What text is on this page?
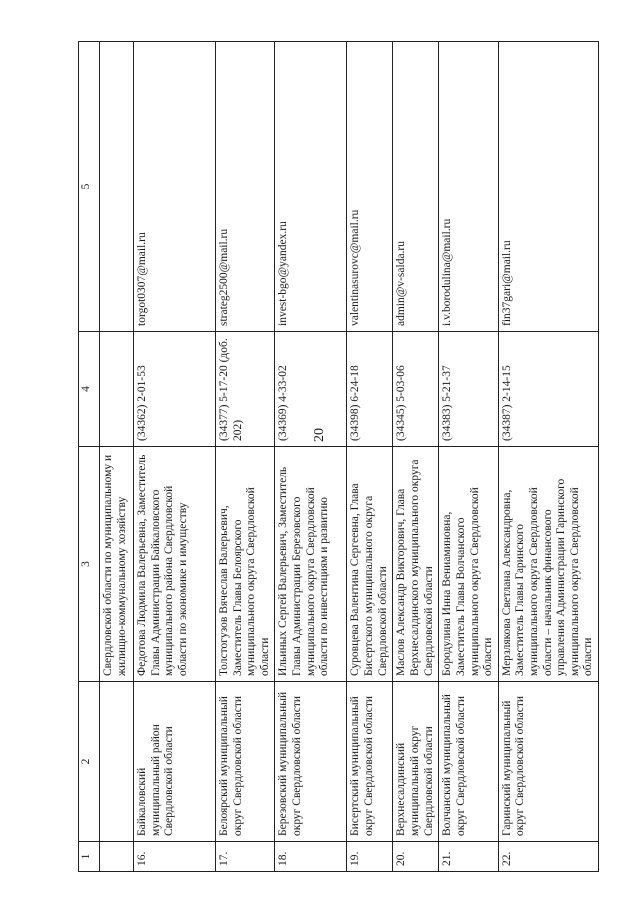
20
1	2	3	4	5
		Свердловской области по муниципальному и жилищно-коммунальному хозяйству		
16.	Байкаловский муниципальный район Свердловской области	Федотова Людмила Валерьевна, Заместитель Главы Администрации Байкаловского муниципального района Свердловской области по экономике и имуществу	(34362) 2-01-53	torgot0307@mail.ru
17.	Белоярский муниципальный округ Свердловской области	Толстогузов Вячеслав Валерьевич, Заместитель Главы Белоярского муниципального округа Свердловской области	(34377) 5-17-20 (доб. 202)	strateg2500@mail.ru
18.	Березовский муниципальный округ Свердловской области	Ильиных Сергей Валерьевич, Заместитель Главы Администрации Березовского муниципального округа Свердловской области по инвестициям и развитию	(34369) 4-33-02	invest-bgo@yandex.ru
19.	Бисертский муниципальный округ Свердловской области	Суровцева Валентина Сергеевна, Глава Бисертского муниципального округа Свердловской области	(34398) 6-24-18	valentinasurovc@mail.ru
20.	Верхнесалдинский муниципальный округ Свердловской области	Маслов Александр Викторович, Глава Верхнесалдинского муниципального округа Свердловской области	(34345) 5-03-06	admin@v-salda.ru
21.	Волчанский муниципальный округ Свердловской области	Бородулина Инна Вениаминовна, Заместитель Главы Волчанского муниципального округа Свердловской области	(34383) 5-21-37	i.v.borodulina@mail.ru
22.	Гаринский муниципальный округ Свердловской области	Мерзлякова Светлана Александровна, Заместитель Главы Гаринского муниципального округа Свердловской области – начальник финансового управления Администрации Гаринского муниципального округа Свердловской области	(34387) 2-14-15	fin37gari@mail.ru
